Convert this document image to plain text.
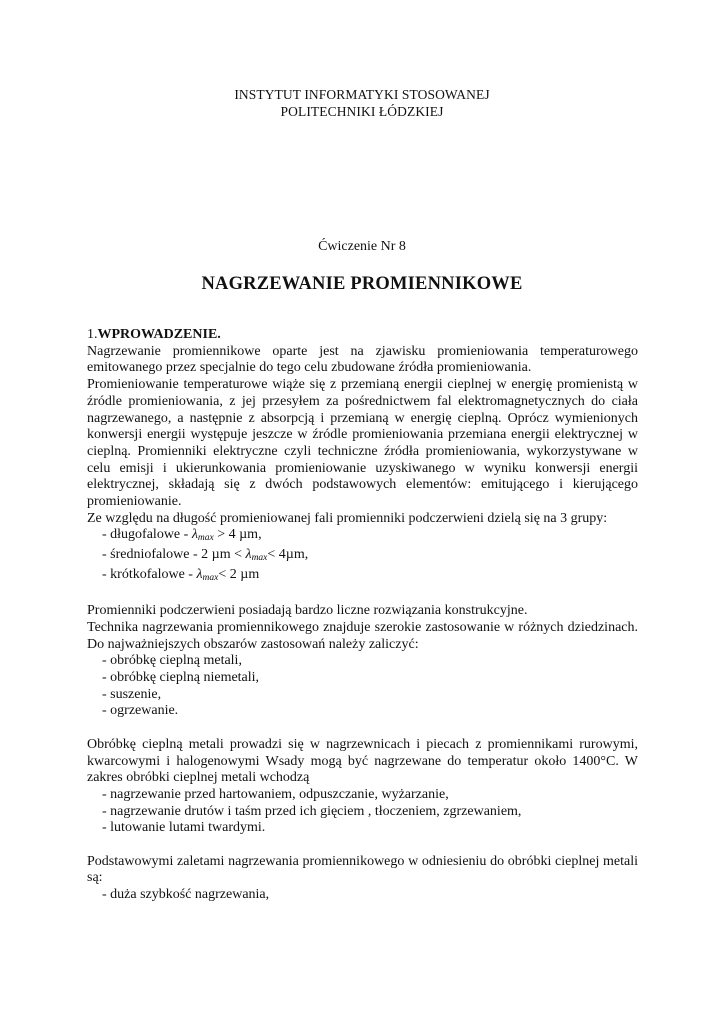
INSTYTUT INFORMATYKI STOSOWANEJ
POLITECHNIKI ŁÓDZKIEJ
Ćwiczenie Nr 8
NAGRZEWANIE PROMIENNIKOWE

1.WPROWADZENIE.

Nagrzewanie promiennikowe oparte jest na zjawisku promieniowania temperaturowego emitowanego przez specjalnie do tego celu zbudowane źródła promieniowania.

Promieniowanie temperaturowe wiąże się z przemianą energii cieplnej w energię promienistą w źródle promieniowania, z jej przesyłem za pośrednictwem fal elektromagnetycznych do ciała nagrzewanego, a następnie z absorpcją i przemianą w energię cieplną. Oprócz wymienionych konwersji energii występuje jeszcze w źródle promieniowania przemiana energii elektrycznej w cieplną. Promienniki elektryczne czyli techniczne źródła promieniowania, wykorzystywane w celu emisji i ukierunkowania promieniowanie uzyskiwanego w wyniku konwersji energii elektrycznej, składają się z dwóch podstawowych elementów: emitującego i kierującego promieniowanie.

Ze względu na długość promieniowanej fali promienniki podczerwieni dzielą się na 3 grupy:

- długofalowe - $\lambda_{max} > 4$ µm,
- średniofalowe - 2 $\mu m < \lambda_{max}< 4\mu m$,
- krótkofalowe - $\lambda_{max}< 2$ µm

Promienniki podczerwieni posiadają bardzo liczne rozwiązania konstrukcyjne.

Technika nagrzewania promiennikowego znajduje szerokie zastosowanie w różnych dziedzinach. Do najważniejszych obszarów zastosowań należy zaliczyć:

- obróbkę cieplną metali,
- obróbkę cieplną niemetali,
- suszenie,
- ogrzewanie.

Obróbkę cieplną metali prowadzi się w nagrzewnicach i piecach z promiennikami rurowymi, kwarcowymi i halogenowymi Wsady mogą być nagrzewane do temperatur około 1400°C. W zakres obróbki cieplnej metali wchodzą

- nagrzewanie przed hartowaniem, odpuszczanie, wyżarzanie,
- nagrzewanie drutów i taśm przed ich gięciem , tłoczeniem, zgrzewaniem,
- lutowanie lutami twardymi.

Podstawowymi zaletami nagrzewania promiennikowego w odniesieniu do obróbki cieplnej metali są:

- duża szybkość nagrzewania,
